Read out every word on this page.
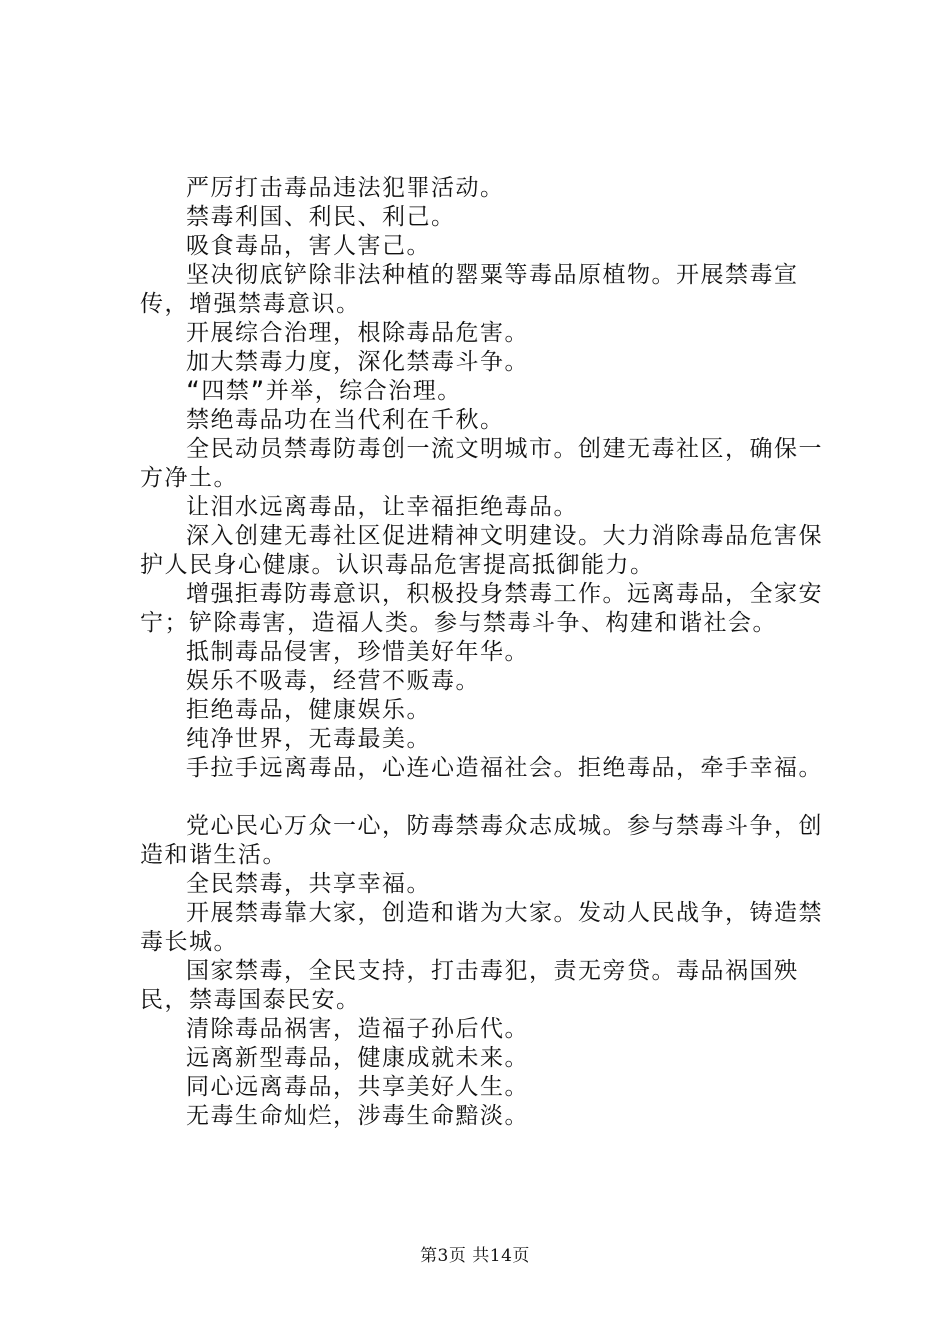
严厉打击毒品违法犯罪活动。

禁毒利国、利民、利己。

吸食毒品，害人害己。

坚决彻底铲除非法种植的罂粟等毒品原植物。开展禁毒宣传，增强禁毒意识。

开展综合治理，根除毒品危害。

加大禁毒力度，深化禁毒斗争。

“四禁”并举，综合治理。

禁绝毒品功在当代利在千秋。

全民动员禁毒防毒创一流文明城市。创建无毒社区，确保一方净土。

让泪水远离毒品，让幸福拒绝毒品。

深入创建无毒社区促进精神文明建设。大力消除毒品危害保护人民身心健康。认识毒品危害提高抵御能力。

增强拒毒防毒意识，积极投身禁毒工作。远离毒品，全家安宁；铲除毒害，造福人类。参与禁毒斗争、构建和谐社会。

抵制毒品侵害，珍惜美好年华。

娱乐不吸毒，经营不贩毒。

拒绝毒品，健康娱乐。

纯净世界，无毒最美。

手拉手远离毒品，心连心造福社会。拒绝毒品，牵手幸福。

党心民心万众一心，防毒禁毒众志成城。参与禁毒斗争，创造和谐生活。

全民禁毒，共享幸福。

开展禁毒靠大家，创造和谐为大家。发动人民战争，铸造禁毒长城。

国家禁毒，全民支持，打击毒犯，责无旁贷。毒品祸国殃民，禁毒国泰民安。

清除毒品祸害，造福子孙后代。

远离新型毒品，健康成就未来。

同心远离毒品，共享美好人生。

无毒生命灿烂，涉毒生命黯淡。

第3页 共14页
